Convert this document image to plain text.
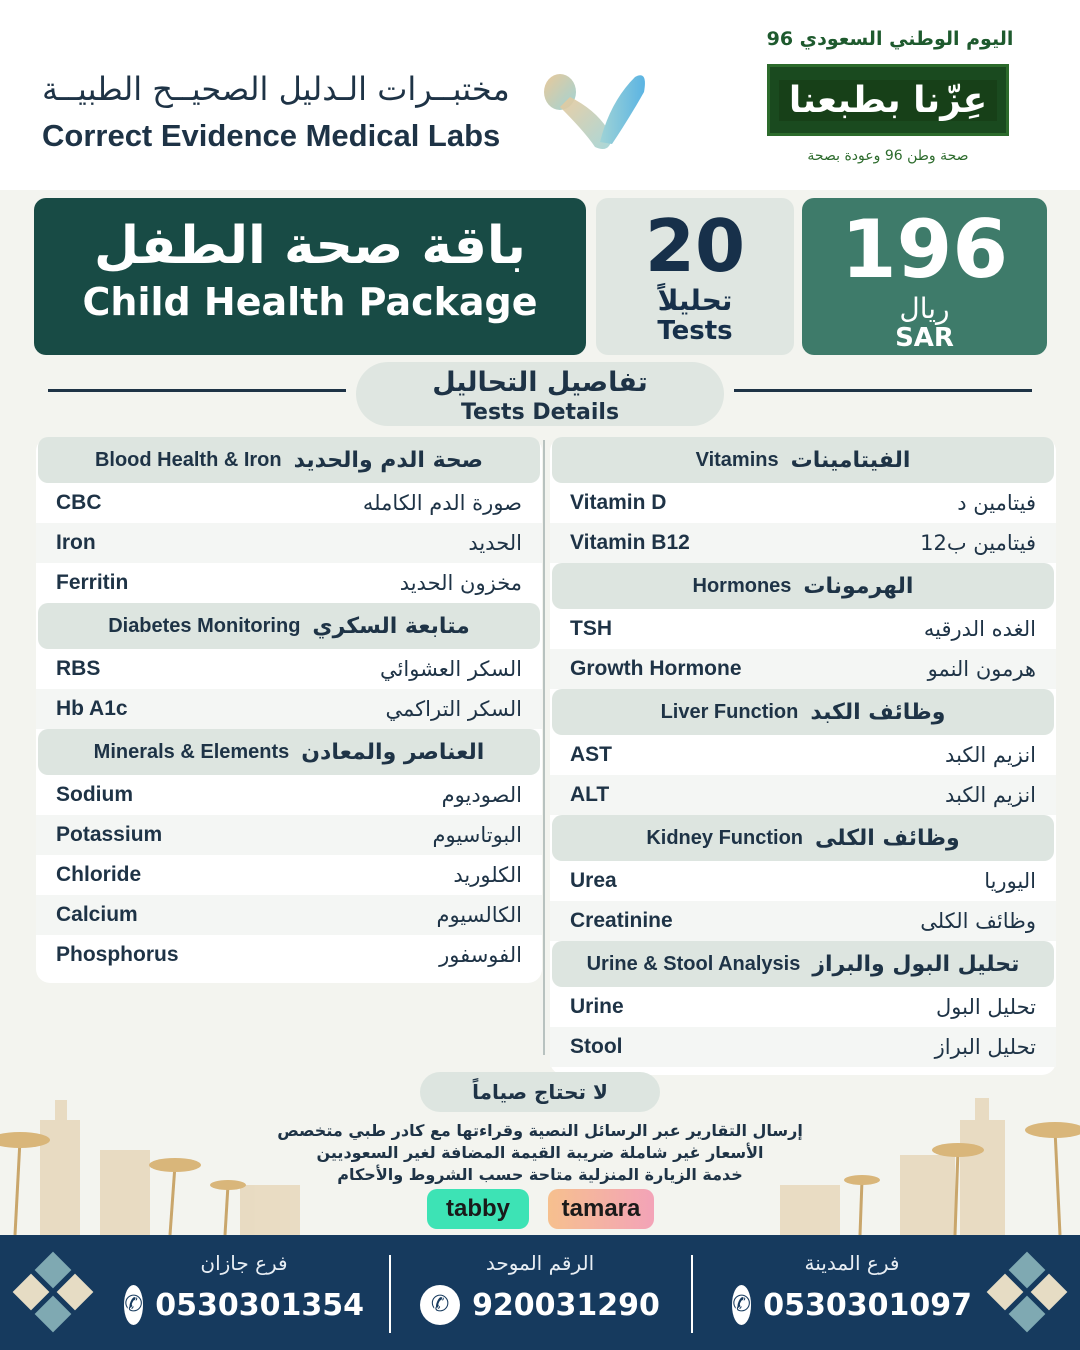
مختبــرات الـدليل الصحيــح الطبيــة
Correct Evidence Medical Labs
اليوم الوطني السعودي 96
عِزّنا بطبعنا
صحة وطن 96 وعودة بصحة
باقة صحة الطفل
Child Health Package
20
تحليلاً
Tests
196
ريال
SAR
تفاصيل التحاليل
Tests Details
Blood Health & Iron صحة الدم والحديد
CBC	صورة الدم الكامله
Iron	الحديد
Ferritin	مخزون الحديد
Diabetes Monitoring متابعة السكري
RBS	السكر العشوائي
Hb A1c	السكر التراكمي
Minerals & Elements العناصر والمعادن
Sodium	الصوديوم
Potassium	البوتاسيوم
Chloride	الكلوريد
Calcium	الكالسيوم
Phosphorus	الفوسفور
Vitamins الفيتامينات
Vitamin D	فيتامين د
Vitamin B12	فيتامين ب12
Hormones الهرمونات
TSH	الغده الدرقيه
Growth Hormone	هرمون النمو
Liver Function وظائف الكبد
AST	انزيم الكبد
ALT	انزيم الكبد
Kidney Function وظائف الكلى
Urea	اليوريا
Creatinine	وظائف الكلى
Urine & Stool Analysis تحليل البول والبراز
Urine	تحليل البول
Stool	تحليل البراز
لا تحتاج صياماً
إرسال التقارير عبر الرسائل النصية وقراءتها مع كادر طبي متخصص
الأسعار غير شاملة ضريبة القيمة المضافة لغير السعوديين
خدمة الزيارة المنزلية متاحة حسب الشروط والأحكام
tabby	tamara
فرع جازان
✆ 0530301354
الرقم الموحد
✆ 920031290
فرع المدينة
✆ 0530301097
